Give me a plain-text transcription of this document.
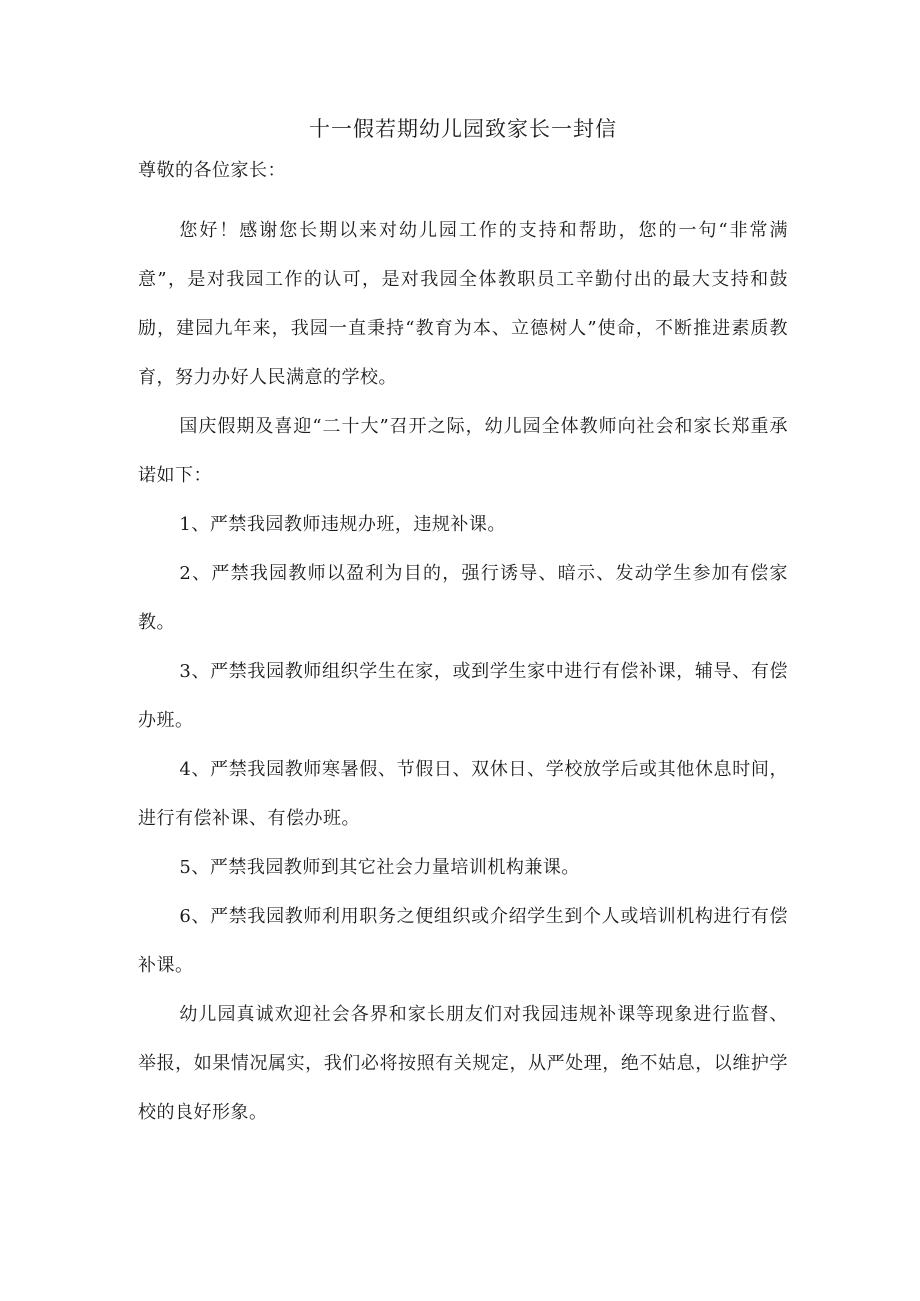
十一假若期幼儿园致家长一封信

尊敬的各位家长：

您好！感谢您长期以来对幼儿园工作的支持和帮助，您的一句“非常满意”，是对我园工作的认可，是对我园全体教职员工辛勤付出的最大支持和鼓励，建园九年来，我园一直秉持“教育为本、立德树人”使命，不断推进素质教育，努力办好人民满意的学校。

国庆假期及喜迎“二十大”召开之际，幼儿园全体教师向社会和家长郑重承诺如下：

1、严禁我园教师违规办班，违规补课。

2、严禁我园教师以盈利为目的，强行诱导、暗示、发动学生参加有偿家教。

3、严禁我园教师组织学生在家，或到学生家中进行有偿补课，辅导、有偿办班。

4、严禁我园教师寒暑假、节假日、双休日、学校放学后或其他休息时间，进行有偿补课、有偿办班。

5、严禁我园教师到其它社会力量培训机构兼课。

6、严禁我园教师利用职务之便组织或介绍学生到个人或培训机构进行有偿补课。

幼儿园真诚欢迎社会各界和家长朋友们对我园违规补课等现象进行监督、举报，如果情况属实，我们必将按照有关规定，从严处理，绝不姑息，以维护学校的良好形象。
